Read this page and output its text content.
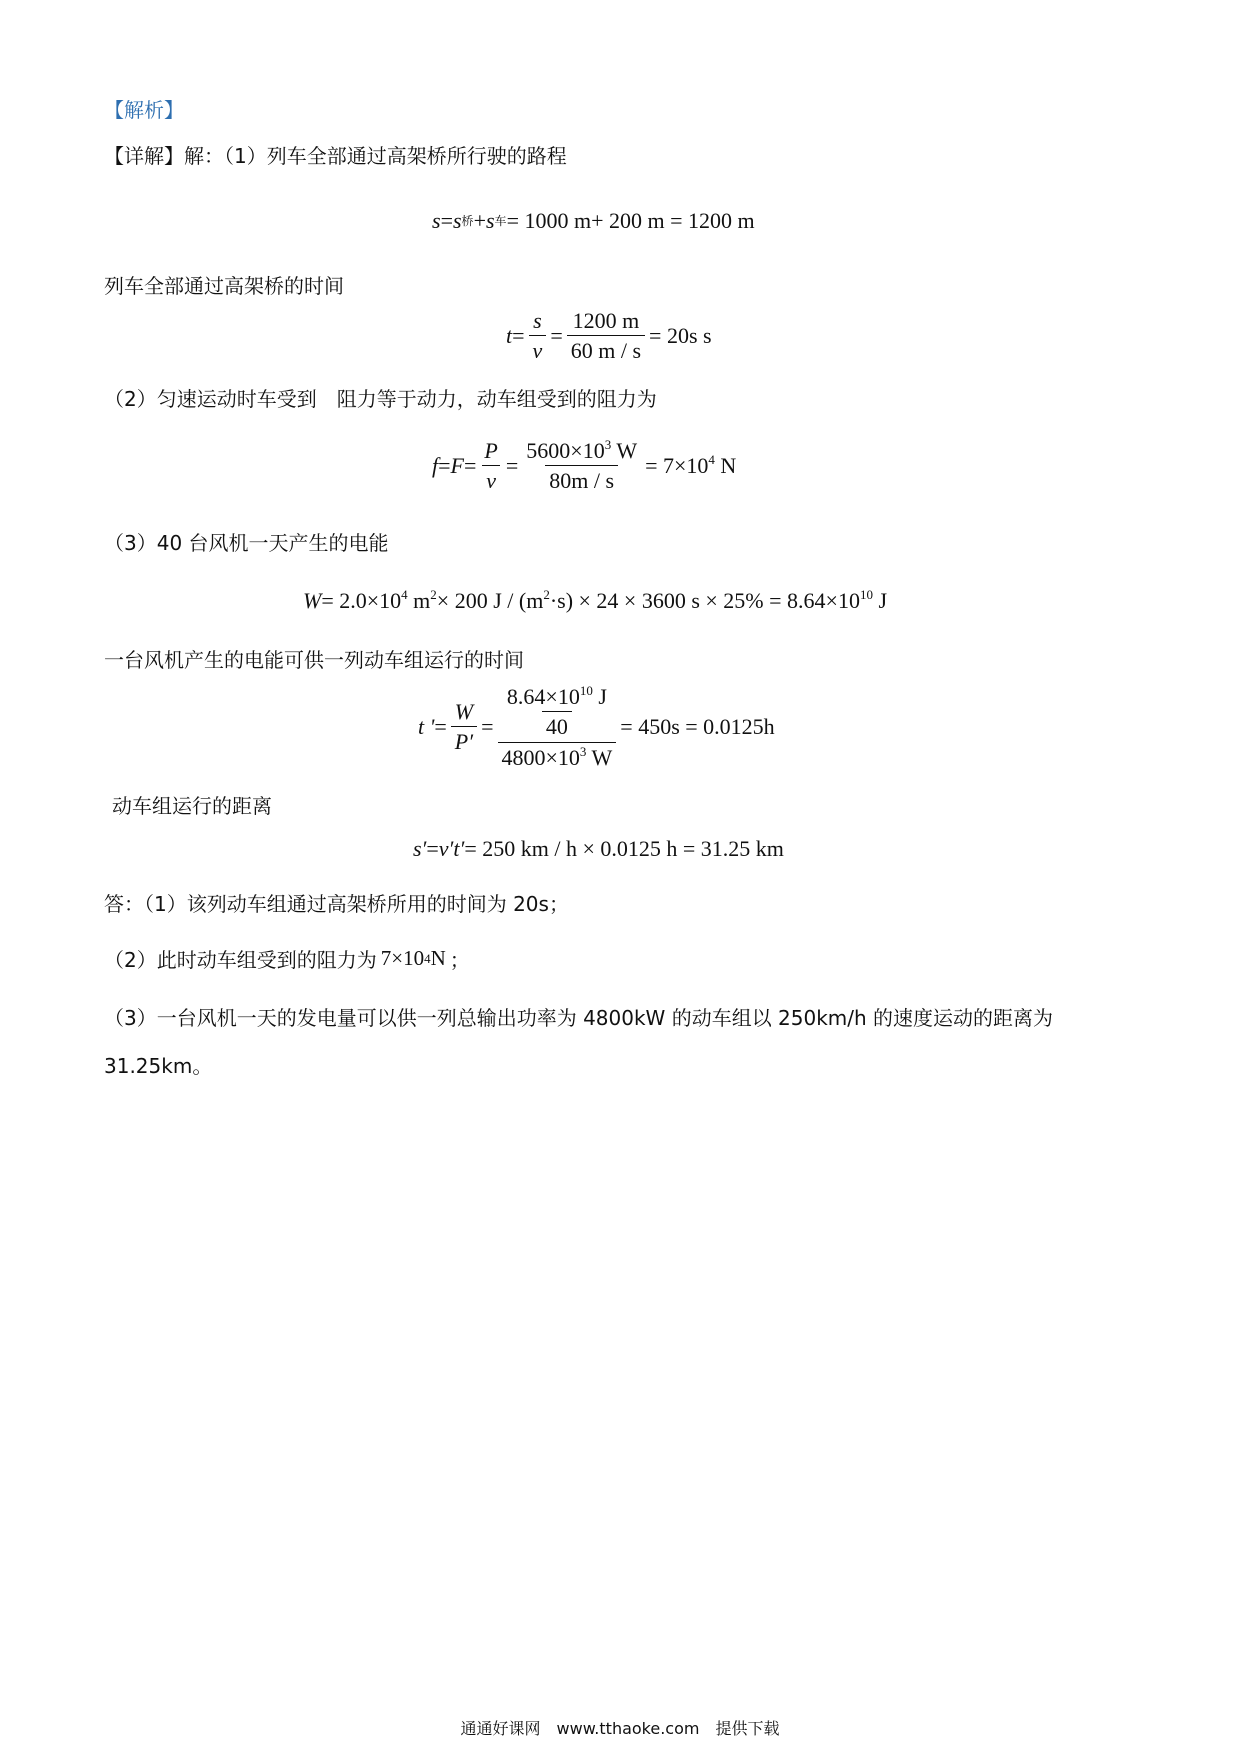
【解析】
【详解】解：（1）列车全部通过高架桥所行驶的路程
s = s 桥 + s 车 = 1000 m+ 200 m = 1200 m
列车全部通过高架桥的时间
$t = \frac{s}{v} = \frac{1200 m}{60 m / s} = 20s$ s
（2）匀速运动时车受到　阻力等于动力，动车组受到的阻力为
$f = F = \frac{P}{v} = \frac{5600\times 10^3 W}{80m / s} = 7\times 10^4$ N
（3）40 台风机一天产生的电能
$W = 2.0\times 10^4$ $m^2\times 200$ $J / (m^2\cdot s) \times 24 \times 3600$ $s \times 25\% = 8.64\times 10^{10}$ J
一台风机产生的电能可供一列动车组运行的时间
t ' = $\frac{W}{P'} = \frac{\frac{8.64\times 10^{10} J}{40}}{4800\times 10^3 W} = 450s = 0.0125h$
动车组运行的距离
s′ = v′ t′ = 250 km / h × 0.0125 h = 31.25 km
答：（1）该列动车组通过高架桥所用的时间为 20s；
（2）此时动车组受到的阻力为 7×10 4 N ；
（3）一台风机一天的发电量可以供一列总输出功率为 4800kW 的动车组以 250km/h 的速度运动的距离为
31.25km。
通通好课网　www.tthaoke.com　提供下载
